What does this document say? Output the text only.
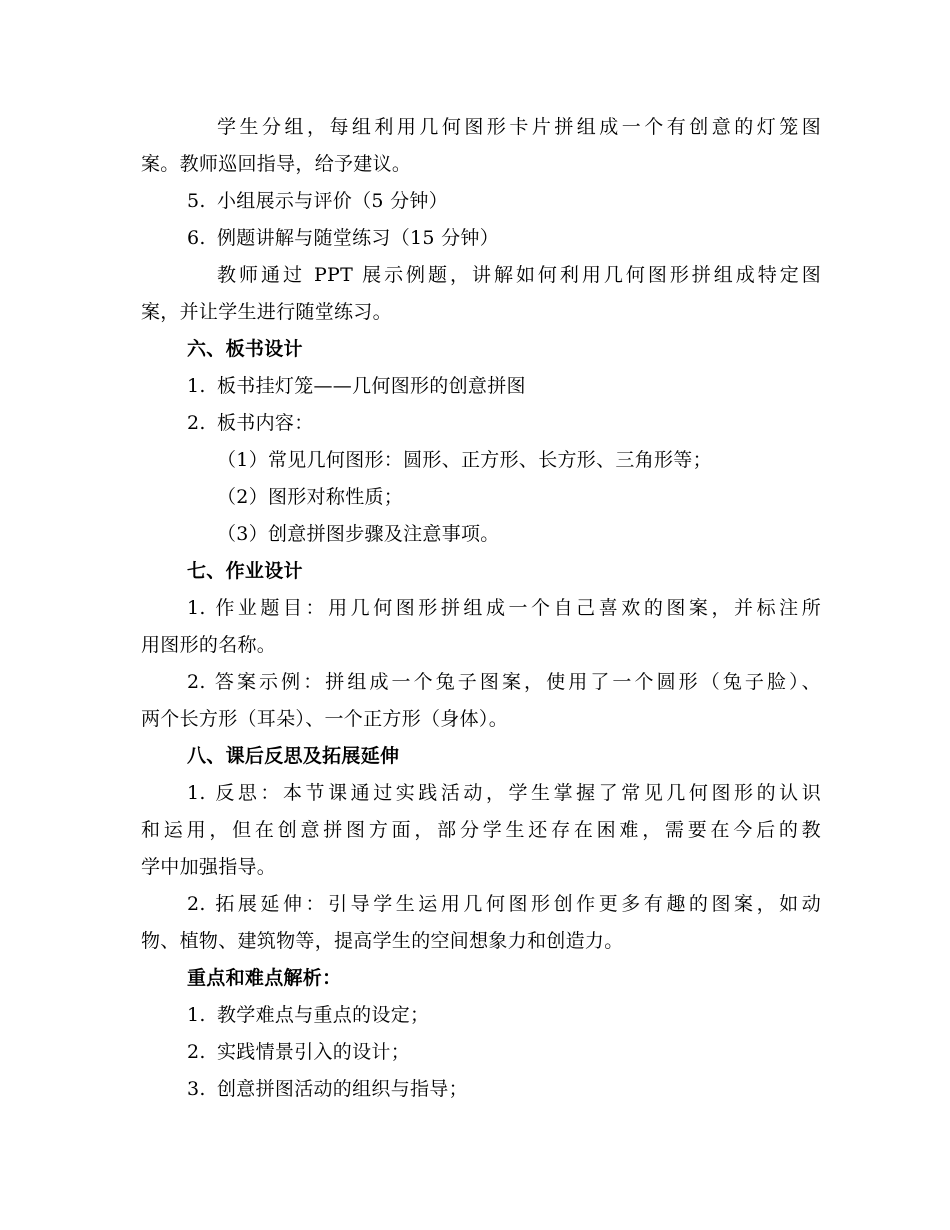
学生分组，每组利用几何图形卡片拼组成一个有创意的灯笼图
案。教师巡回指导，给予建议。
5. 小组展示与评价（5 分钟）
6. 例题讲解与随堂练习（15 分钟）
教师通过 PPT 展示例题，讲解如何利用几何图形拼组成特定图
案，并让学生进行随堂练习。
六、板书设计
1. 板书挂灯笼——几何图形的创意拼图
2. 板书内容：
（1）常见几何图形：圆形、正方形、长方形、三角形等；
（2）图形对称性质；
（3）创意拼图步骤及注意事项。
七、作业设计
1. 作业题目：用几何图形拼组成一个自己喜欢的图案，并标注所
用图形的名称。
2. 答案示例：拼组成一个兔子图案，使用了一个圆形（兔子脸）、
两个长方形（耳朵）、一个正方形（身体）。
八、课后反思及拓展延伸
1. 反思：本节课通过实践活动，学生掌握了常见几何图形的认识
和运用，但在创意拼图方面，部分学生还存在困难，需要在今后的教
学中加强指导。
2. 拓展延伸：引导学生运用几何图形创作更多有趣的图案，如动
物、植物、建筑物等，提高学生的空间想象力和创造力。
重点和难点解析：
1. 教学难点与重点的设定；
2. 实践情景引入的设计；
3. 创意拼图活动的组织与指导；
